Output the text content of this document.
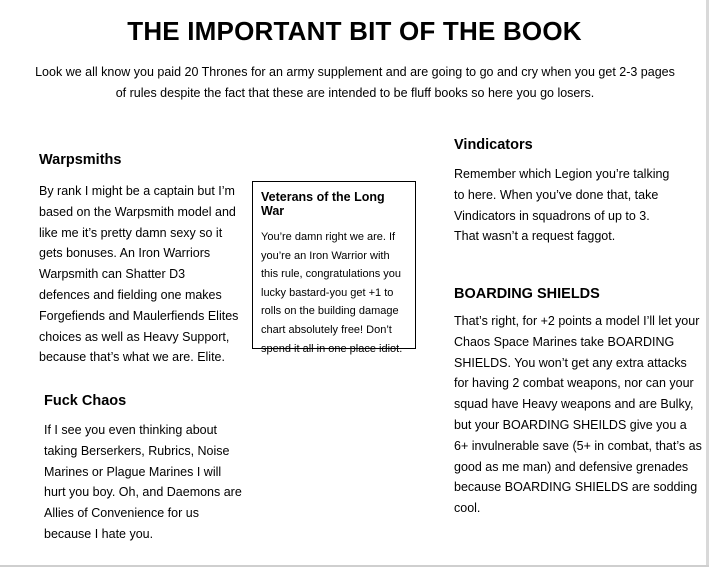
THE IMPORTANT BIT OF THE BOOK
Look we all know you paid 20 Thrones for an army supplement and are going to go and cry when you get 2-3 pages of rules despite the fact that these are intended to be fluff books so here you go losers.
Warpsmiths
By rank I might be a captain but I’m based on the Warpsmith model and like me it’s pretty damn sexy so it gets bonuses. An Iron Warriors Warpsmith can Shatter D3 defences and fielding one makes Forgefiends and Maulerfiends Elites choices as well as Heavy Support, because that’s what we are. Elite.
Fuck Chaos
If I see you even thinking about taking Berserkers, Rubrics, Noise Marines or Plague Marines I will hurt you boy. Oh, and Daemons are Allies of Convenience for us because I hate you.
Veterans of the Long War
You’re damn right we are. If you’re an Iron Warrior with this rule, congratulations you lucky bastard-you get +1 to rolls on the building damage chart absolutely free! Don’t spend it all in one place idiot.
Vindicators
Remember which Legion you’re talking to here. When you’ve done that, take Vindicators in squadrons of up to 3. That wasn’t a request faggot.
BOARDING SHIELDS
That’s right, for +2 points a model I’ll let your Chaos Space Marines take BOARDING SHIELDS. You won’t get any extra attacks for having 2 combat weapons, nor can your squad have Heavy weapons and are Bulky, but your BOARDING SHEILDS give you a 6+ invulnerable save (5+ in combat, that’s as good as me man) and defensive grenades because BOARDING SHIELDS are sodding cool.
